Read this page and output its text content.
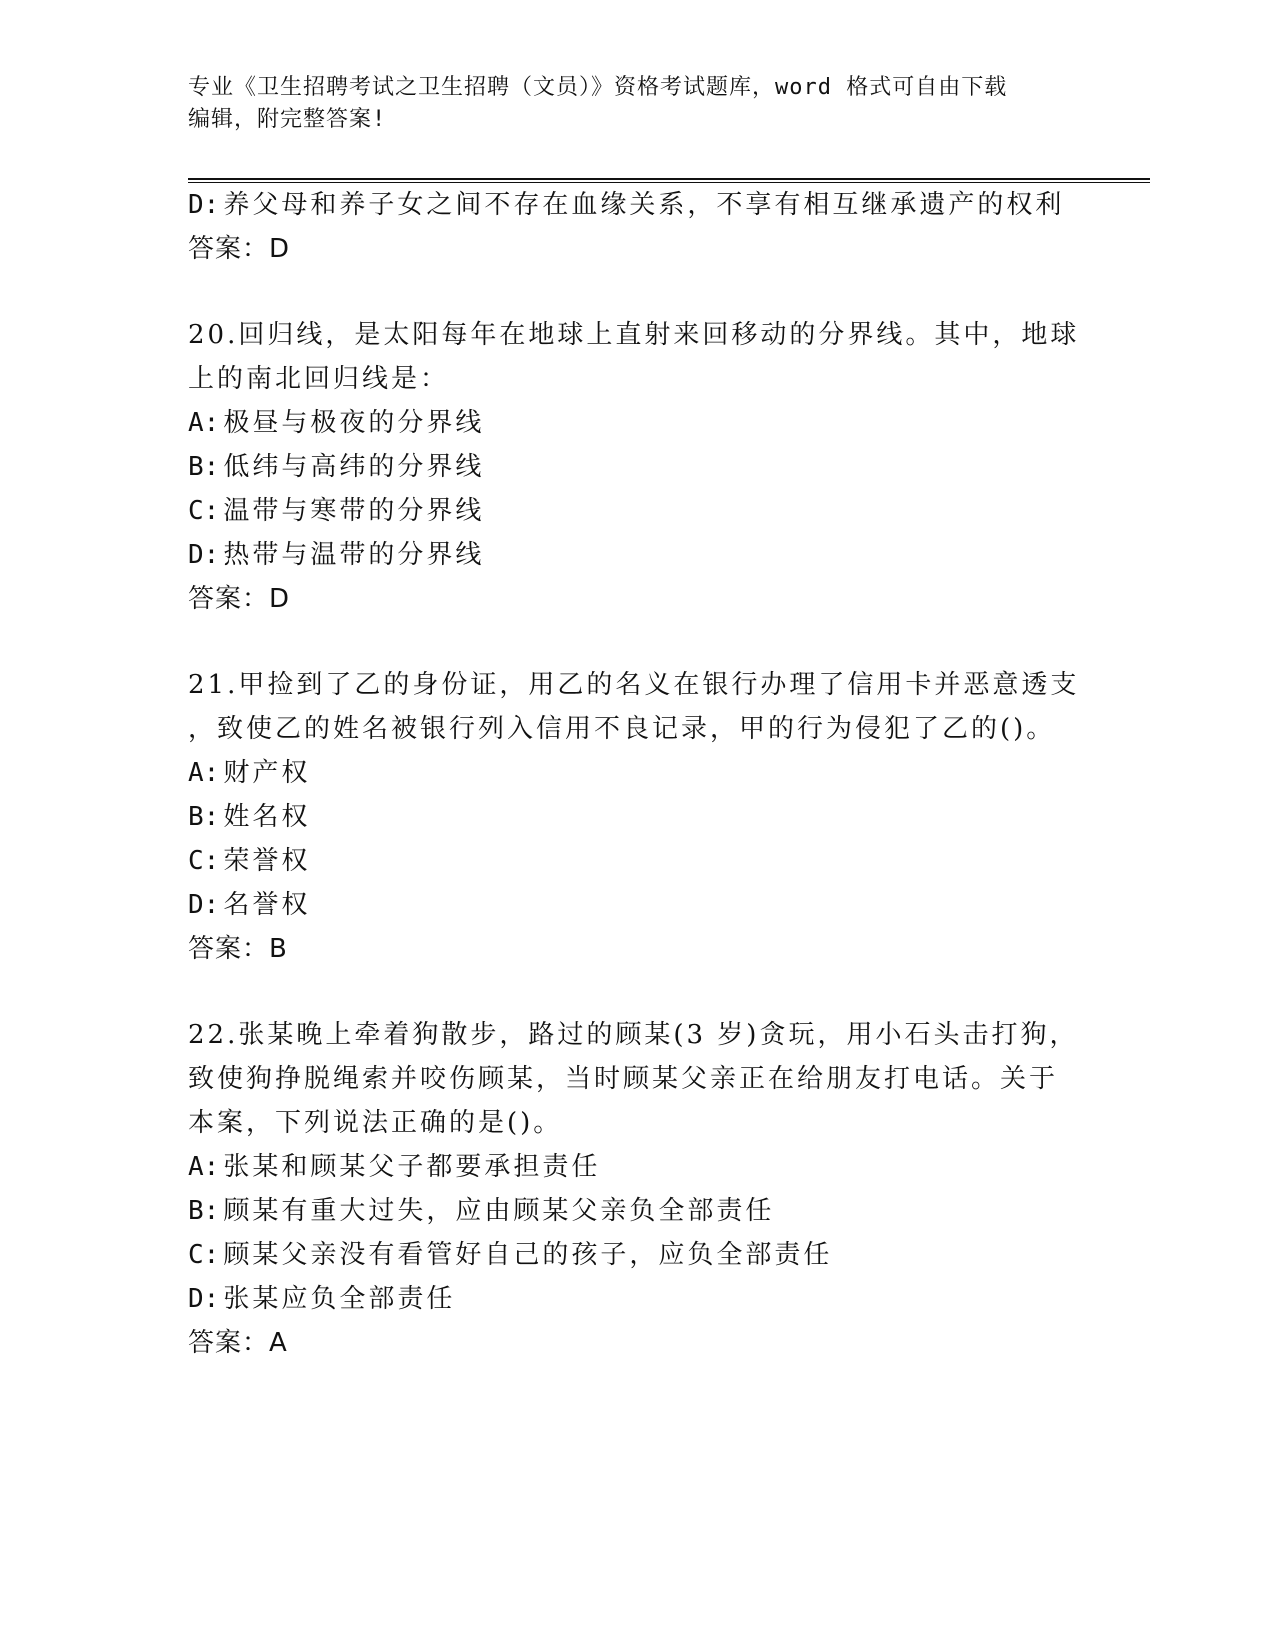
专业《卫生招聘考试之卫生招聘（文员）》资格考试题库，word 格式可自由下载
编辑，附完整答案!
D: 养父母和养子女之间不存在血缘关系，不享有相互继承遗产的权利
答案：D
20.回归线，是太阳每年在地球上直射来回移动的分界线。其中，地球
上的南北回归线是：
A: 极昼与极夜的分界线
B: 低纬与高纬的分界线
C: 温带与寒带的分界线
D: 热带与温带的分界线
答案：D
21.甲捡到了乙的身份证，用乙的名义在银行办理了信用卡并恶意透支
，致使乙的姓名被银行列入信用不良记录，甲的行为侵犯了乙的()。
A: 财产权
B: 姓名权
C: 荣誉权
D: 名誉权
答案：B
22.张某晚上牵着狗散步，路过的顾某(3 岁)贪玩，用小石头击打狗，
致使狗挣脱绳索并咬伤顾某，当时顾某父亲正在给朋友打电话。关于
本案，下列说法正确的是()。
A: 张某和顾某父子都要承担责任
B: 顾某有重大过失，应由顾某父亲负全部责任
C: 顾某父亲没有看管好自己的孩子，应负全部责任
D: 张某应负全部责任
答案：A
